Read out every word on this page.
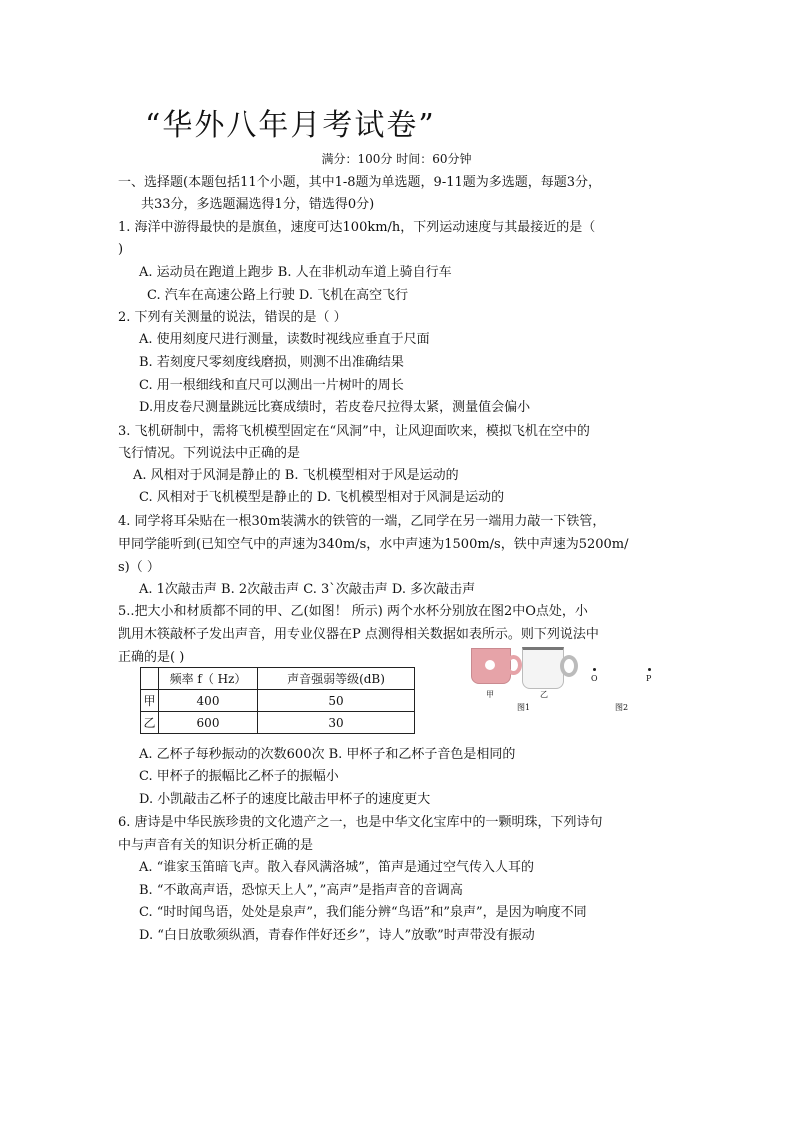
“华外八年月考试卷”
满分：100分 时间：60分钟
一、选择题(本题包括11个小题，其中1-8题为单选题，9-11题为多选题，每题3分，
共33分，多选题漏选得1分，错选得0分)
1. 海洋中游得最快的是旗鱼，速度可达100km/h，下列运动速度与其最接近的是（
)
A. 运动员在跑道上跑步 B. 人在非机动车道上骑自行车
C. 汽车在高速公路上行驶 D. 飞机在高空飞行
2. 下列有关测量的说法，错误的是（ ）
A. 使用刻度尺进行测量，读数时视线应垂直于尺面
B. 若刻度尺零刻度线磨损，则测不出准确结果
C. 用一根细线和直尺可以测出一片树叶的周长
D.用皮卷尺测量跳远比赛成绩时，若皮卷尺拉得太紧，测量值会偏小
3. 飞机研制中，需将飞机模型固定在“风洞”中，让风迎面吹来，模拟飞机在空中的
飞行情况。下列说法中正确的是
A. 风相对于风洞是静止的 B. 飞机模型相对于风是运动的
C. 风相对于飞机模型是静止的 D. 飞机模型相对于风洞是运动的
4. 同学将耳朵贴在一根30m装满水的铁管的一端，乙同学在另一端用力敲一下铁管，
甲同学能听到(已知空气中的声速为340m/s，水中声速为1500m/s，铁中声速为5200m/
s)（ ）
A. 1次敲击声 B. 2次敲击声 C. 3`次敲击声 D. 多次敲击声
5..把大小和材质都不同的甲、乙(如图！ 所示) 两个水杯分别放在图2中O点处，小
凯用木筷敲杯子发出声音，用专业仪器在P 点测得相关数据如表所示。则下列说法中
正确的是( )
	频率 f（ Hz）	声音强弱等级(dB)
甲	400	50
乙	600	30
甲	乙
图1
O	P
图2
A. 乙杯子每秒振动的次数600次 B. 甲杯子和乙杯子音色是相同的
C. 甲杯子的振幅比乙杯子的振幅小
D. 小凯敲击乙杯子的速度比敲击甲杯子的速度更大
6. 唐诗是中华民族珍贵的文化遗产之一，也是中华文化宝库中的一颗明珠，下列诗句
中与声音有关的知识分析正确的是
A. “谁家玉笛暗飞声。散入春风满洛城”，笛声是通过空气传入人耳的
B. “不敢高声语，恐惊天上人”，”高声”是指声音的音调高
C. “时时闻鸟语，处处是泉声”，我们能分辨“鸟语”和”泉声”，是因为响度不同
D. “白日放歌须纵酒，青春作伴好还乡”，诗人”放歌”时声带没有振动
